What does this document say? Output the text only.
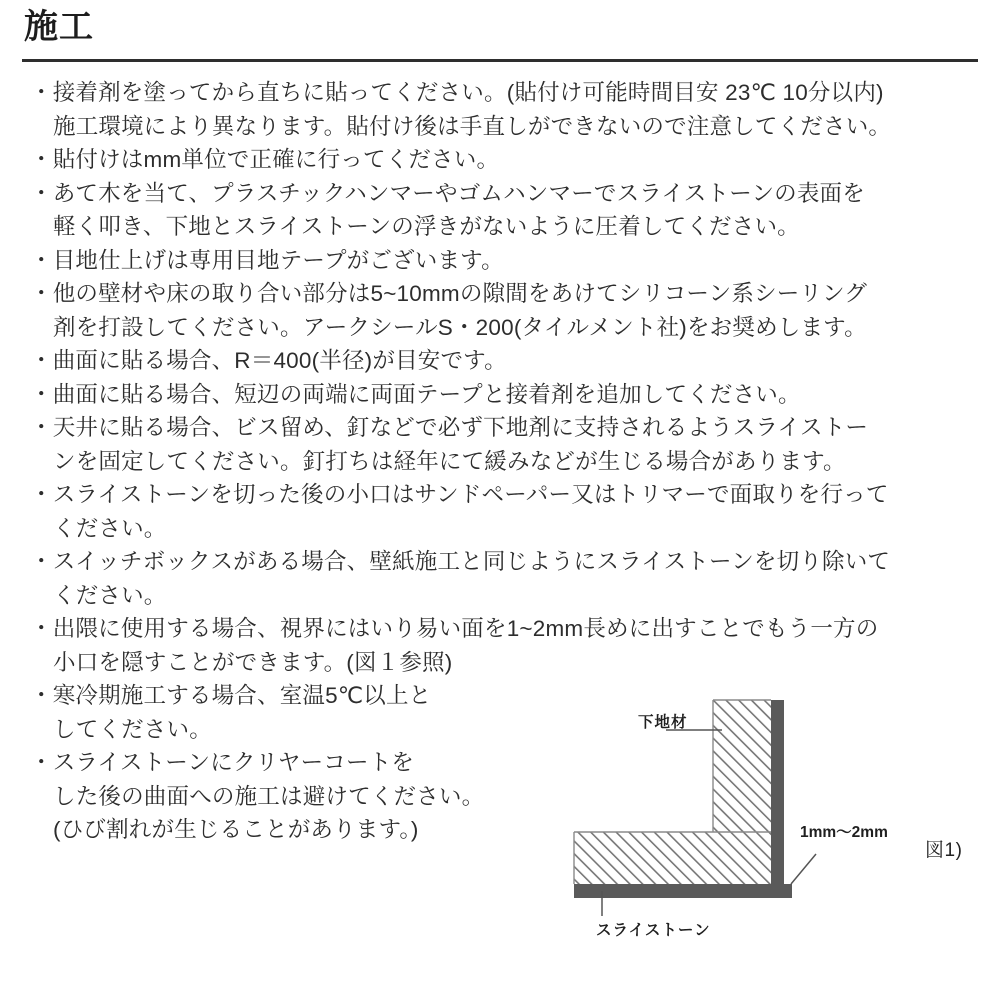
施工
・接着剤を塗ってから直ちに貼ってください。(貼付け可能時間目安 23℃ 10分以内)
施工環境により異なります。貼付け後は手直しができないので注意してください。
・貼付けはmm単位で正確に行ってください。
・あて木を当て、プラスチックハンマーやゴムハンマーでスライストーンの表面を
軽く叩き、下地とスライストーンの浮きがないように圧着してください。
・目地仕上げは専用目地テープがございます。
・他の壁材や床の取り合い部分は5~10mmの隙間をあけてシリコーン系シーリング
剤を打設してください。アークシールS・200(タイルメント社)をお奨めします。
・曲面に貼る場合、R＝400(半径)が目安です。
・曲面に貼る場合、短辺の両端に両面テープと接着剤を追加してください。
・天井に貼る場合、ビス留め、釘などで必ず下地剤に支持されるようスライストー
ンを固定してください。釘打ちは経年にて緩みなどが生じる場合があります。
・スライストーンを切った後の小口はサンドペーパー又はトリマーで面取りを行って
ください。
・スイッチボックスがある場合、壁紙施工と同じようにスライストーンを切り除いて
ください。
・出隈に使用する場合、視界にはいり易い面を1~2mm長めに出すことでもう一方の
小口を隠すことができます。(図１参照)
・寒冷期施工する場合、室温5℃以上と
してください。
・スライストーンにクリヤーコートを
した後の曲面への施工は避けてください。
(ひび割れが生じることがあります。)
下地材
1mm〜2mm
スライストーン
図1)
